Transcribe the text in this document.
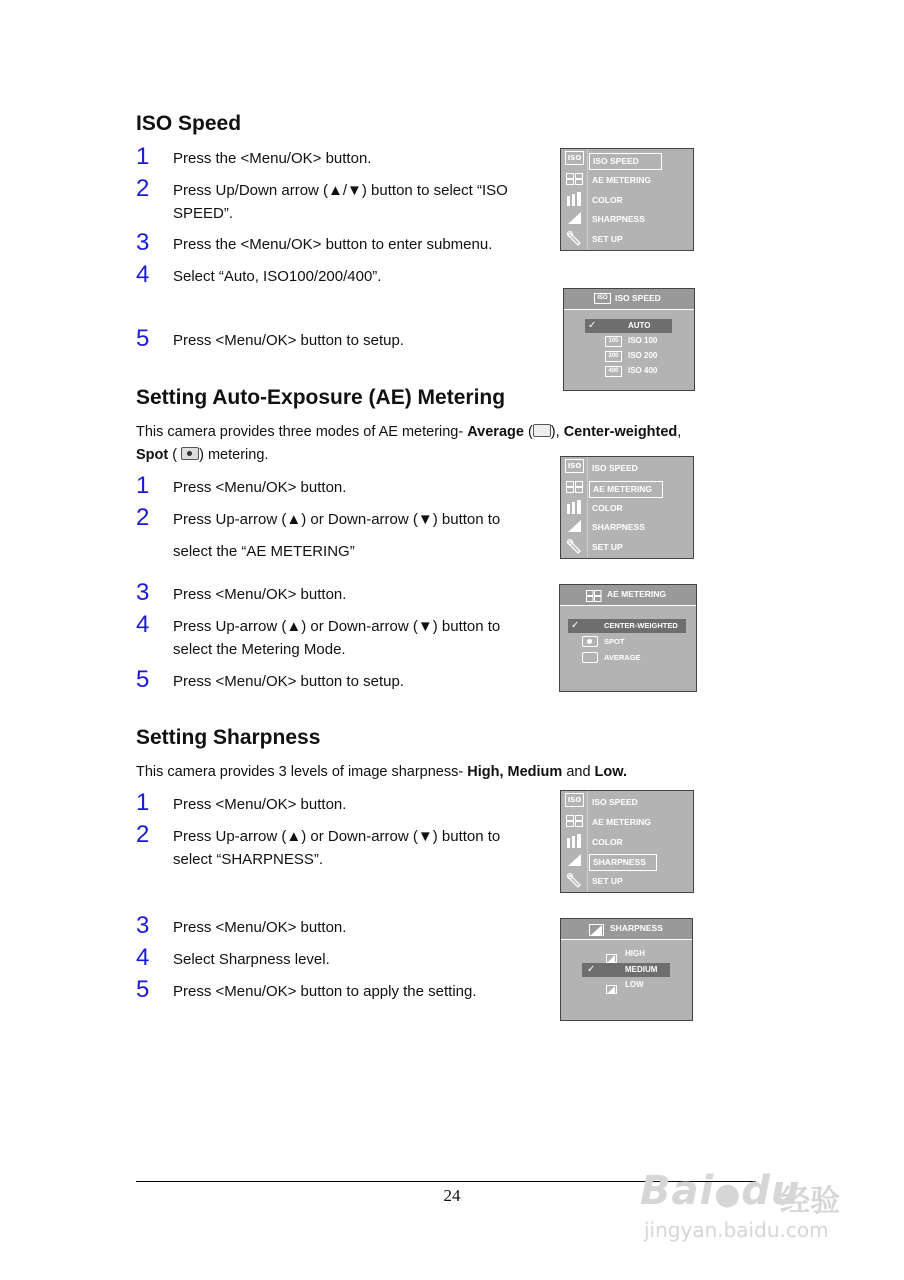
ISO Speed
1 Press the <Menu/OK> button.
2 Press Up/Down arrow (▲/▼) button to select “ISO
SPEED”.
3 Press the <Menu/OK> button to enter submenu.
4 Select “Auto, ISO100/200/400”.
5 Press <Menu/OK> button to setup.
ISO	ISO SPEED
AE METERING
COLOR
SHARPNESS
SET UP
ISO ISO SPEED
✓	AUTO
100	ISO 100
200	ISO 200
400	ISO 400
Setting Auto-Exposure (AE) Metering
This camera provides three modes of AE metering- Average ( ), Center-weighted,
Spot (
) metering.
1 Press <Menu/OK> button.
2 Press Up-arrow (▲) or Down-arrow (▼) button to
select the “AE METERING”
3 Press <Menu/OK> button.
4 Press Up-arrow (▲) or Down-arrow (▼) button to
select the Metering Mode.
5 Press <Menu/OK> button to setup.
ISO	ISO SPEED
AE METERING
COLOR
SHARPNESS
SET UP
AE METERING
✓	CENTER-WEIGHTED
SPOT
AVERAGE
Setting Sharpness
This camera provides 3 levels of image sharpness- High, Medium and Low.
1 Press <Menu/OK> button.
2 Press Up-arrow (▲) or Down-arrow (▼) button to
select “SHARPNESS”.
3 Press <Menu/OK> button.
4 Select Sharpness level.
5 Press <Menu/OK> button to apply the setting.
ISO	ISO SPEED
AE METERING
COLOR
SHARPNESS
SET UP
SHARPNESS
HIGH
✓	MEDIUM
LOW
24	Bai●du
经验
jingyan.baidu.com
